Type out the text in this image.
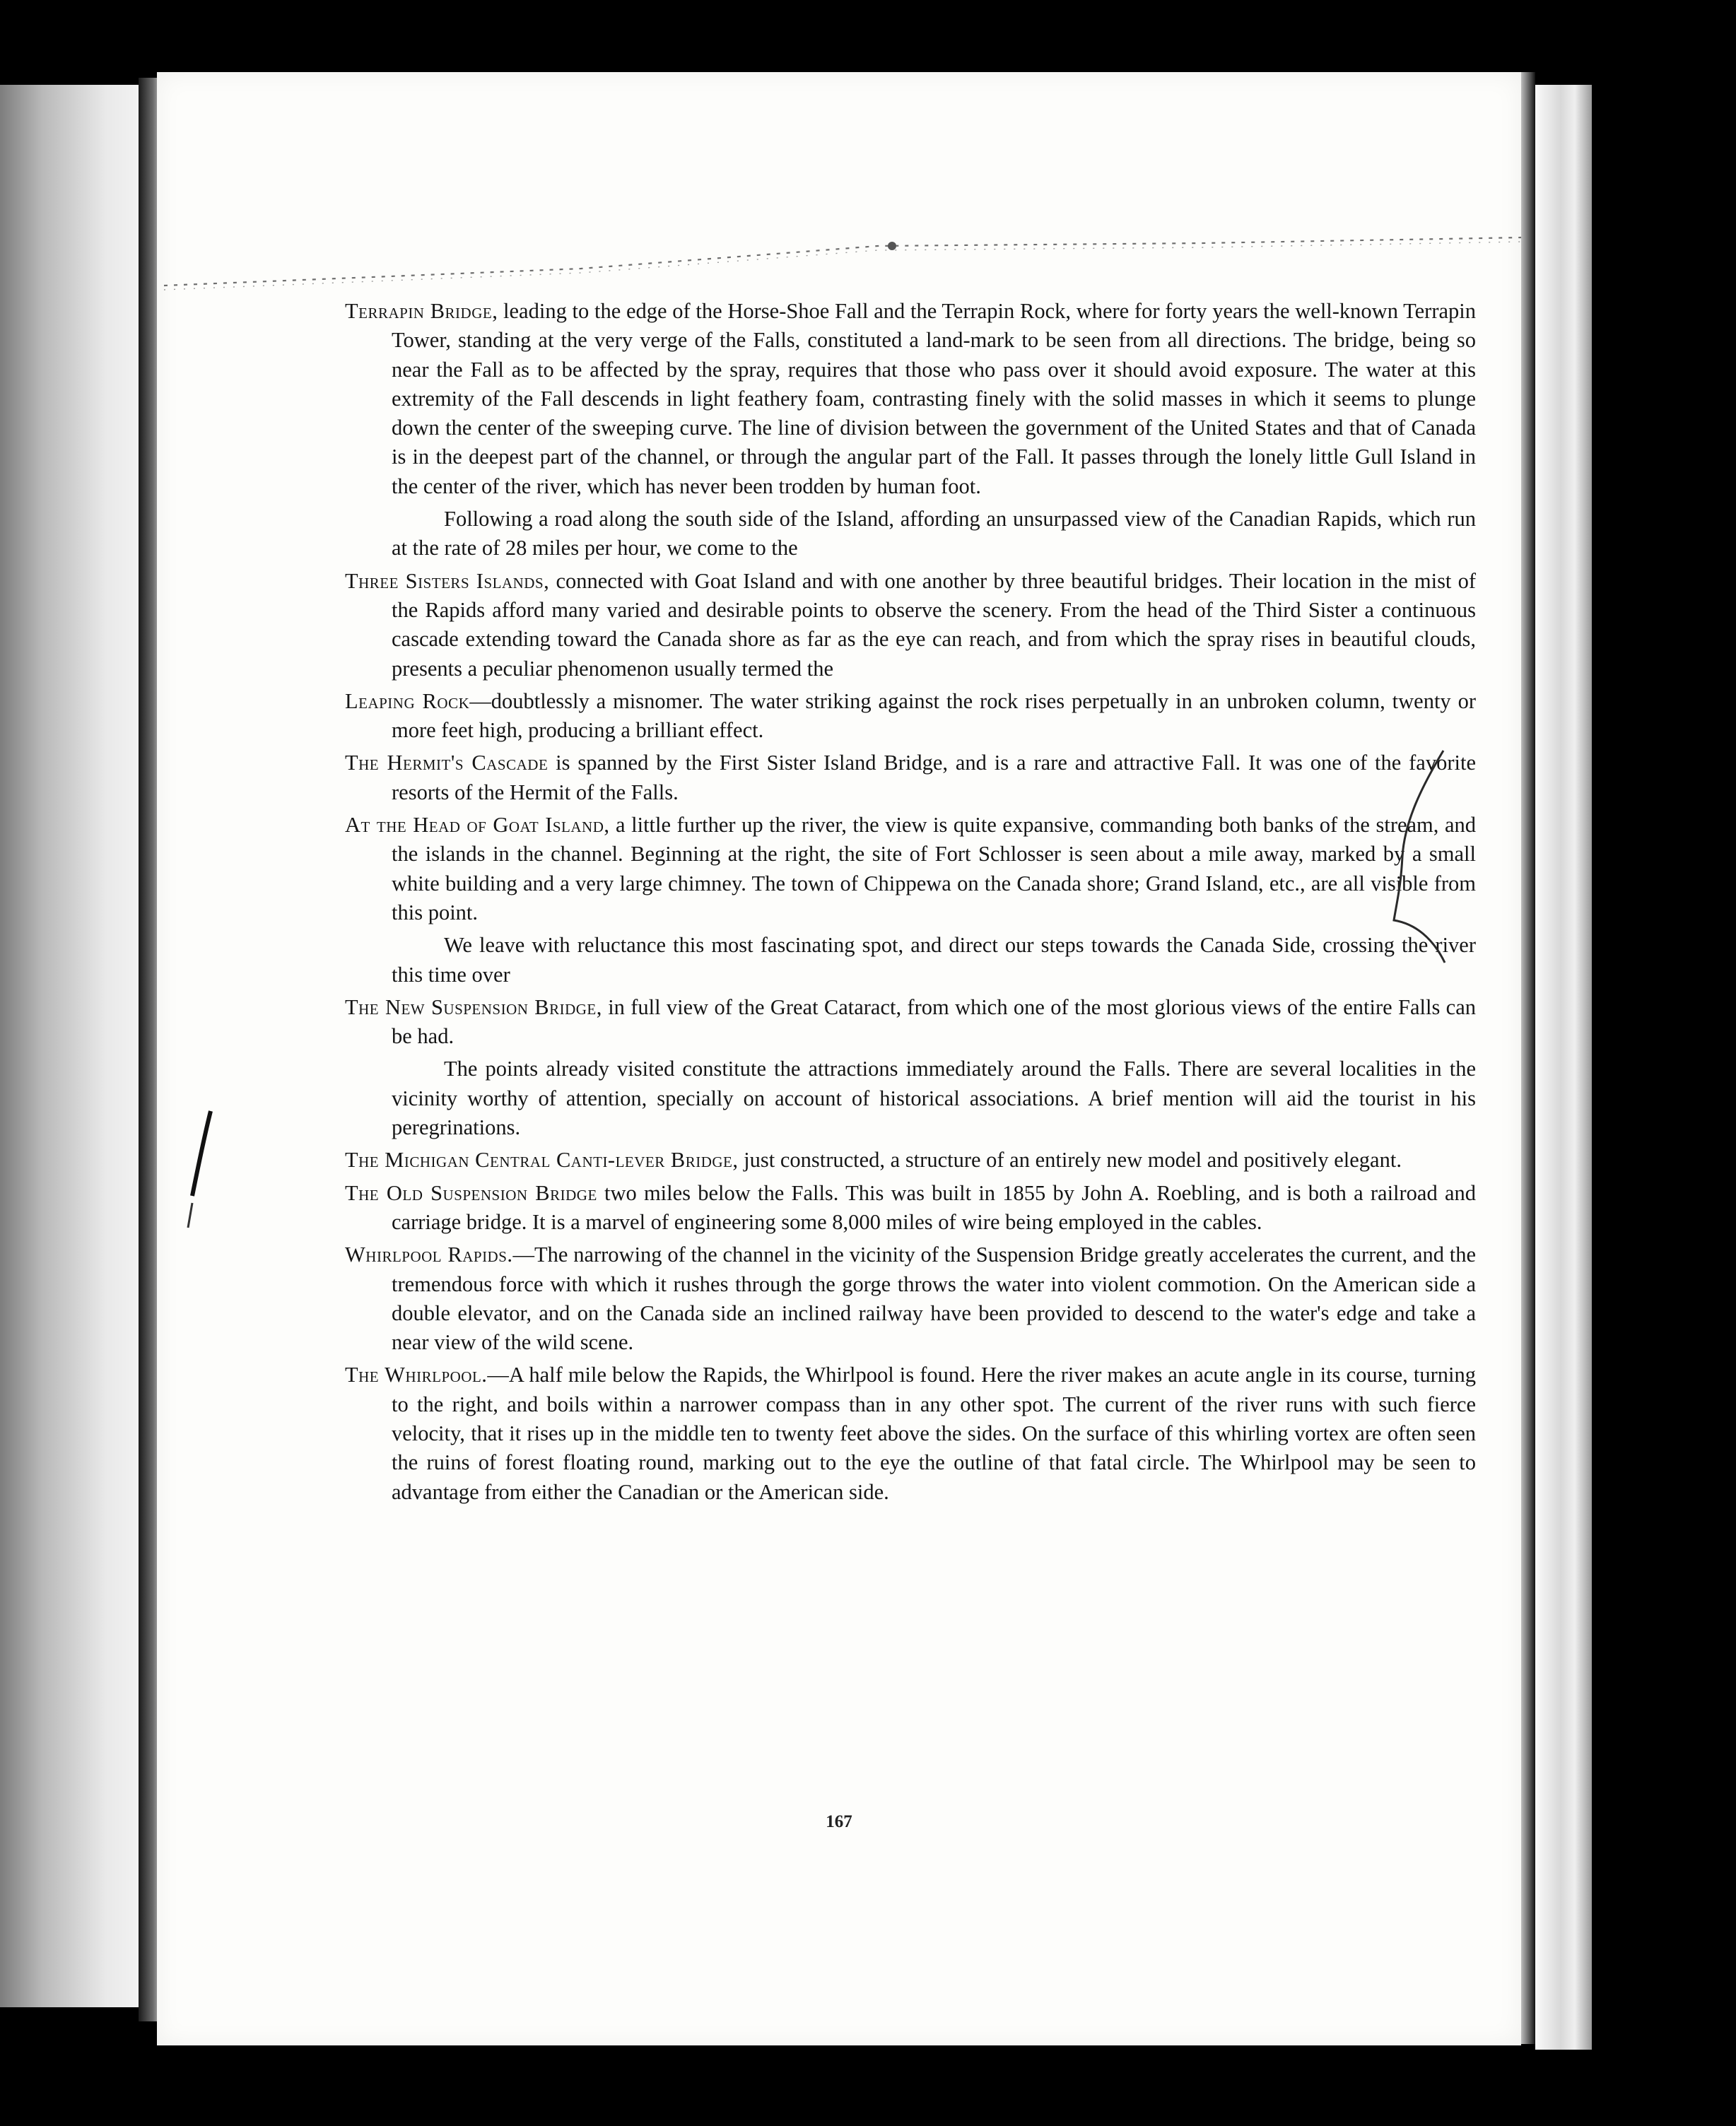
Terrapin Bridge, leading to the edge of the Horse-Shoe Fall and the Terrapin Rock, where for forty years the well-known Terrapin Tower, standing at the very verge of the Falls, constituted a land-mark to be seen from all directions. The bridge, being so near the Fall as to be affected by the spray, requires that those who pass over it should avoid exposure. The water at this extremity of the Fall descends in light feathery foam, contrasting finely with the solid masses in which it seems to plunge down the center of the sweeping curve. The line of division between the government of the United States and that of Canada is in the deepest part of the channel, or through the angular part of the Fall. It passes through the lonely little Gull Island in the center of the river, which has never been trodden by human foot.

Following a road along the south side of the Island, affording an unsurpassed view of the Canadian Rapids, which run at the rate of 28 miles per hour, we come to the

Three Sisters Islands, connected with Goat Island and with one another by three beautiful bridges. Their location in the mist of the Rapids afford many varied and desirable points to observe the scenery. From the head of the Third Sister a continuous cascade extending toward the Canada shore as far as the eye can reach, and from which the spray rises in beautiful clouds, presents a peculiar phenomenon usually termed the

Leaping Rock—doubtlessly a misnomer. The water striking against the rock rises perpetually in an unbroken column, twenty or more feet high, producing a brilliant effect.

The Hermit's Cascade is spanned by the First Sister Island Bridge, and is a rare and attractive Fall. It was one of the favorite resorts of the Hermit of the Falls.

At the Head of Goat Island, a little further up the river, the view is quite expansive, commanding both banks of the stream, and the islands in the channel. Beginning at the right, the site of Fort Schlosser is seen about a mile away, marked by a small white building and a very large chimney. The town of Chippewa on the Canada shore; Grand Island, etc., are all visible from this point.

We leave with reluctance this most fascinating spot, and direct our steps towards the Canada Side, crossing the river this time over

The New Suspension Bridge, in full view of the Great Cataract, from which one of the most glorious views of the entire Falls can be had.

The points already visited constitute the attractions immediately around the Falls. There are several localities in the vicinity worthy of attention, specially on account of historical associations. A brief mention will aid the tourist in his peregrinations.

The Michigan Central Canti-lever Bridge, just constructed, a structure of an entirely new model and positively elegant.

The Old Suspension Bridge two miles below the Falls. This was built in 1855 by John A. Roebling, and is both a railroad and carriage bridge. It is a marvel of engineering some 8,000 miles of wire being employed in the cables.

Whirlpool Rapids.—The narrowing of the channel in the vicinity of the Suspension Bridge greatly accelerates the current, and the tremendous force with which it rushes through the gorge throws the water into violent commotion. On the American side a double elevator, and on the Canada side an inclined railway have been provided to descend to the water's edge and take a near view of the wild scene.

The Whirlpool.—A half mile below the Rapids, the Whirlpool is found. Here the river makes an acute angle in its course, turning to the right, and boils within a narrower compass than in any other spot. The current of the river runs with such fierce velocity, that it rises up in the middle ten to twenty feet above the sides. On the surface of this whirling vortex are often seen the ruins of forest floating round, marking out to the eye the outline of that fatal circle. The Whirlpool may be seen to advantage from either the Canadian or the American side.

167
